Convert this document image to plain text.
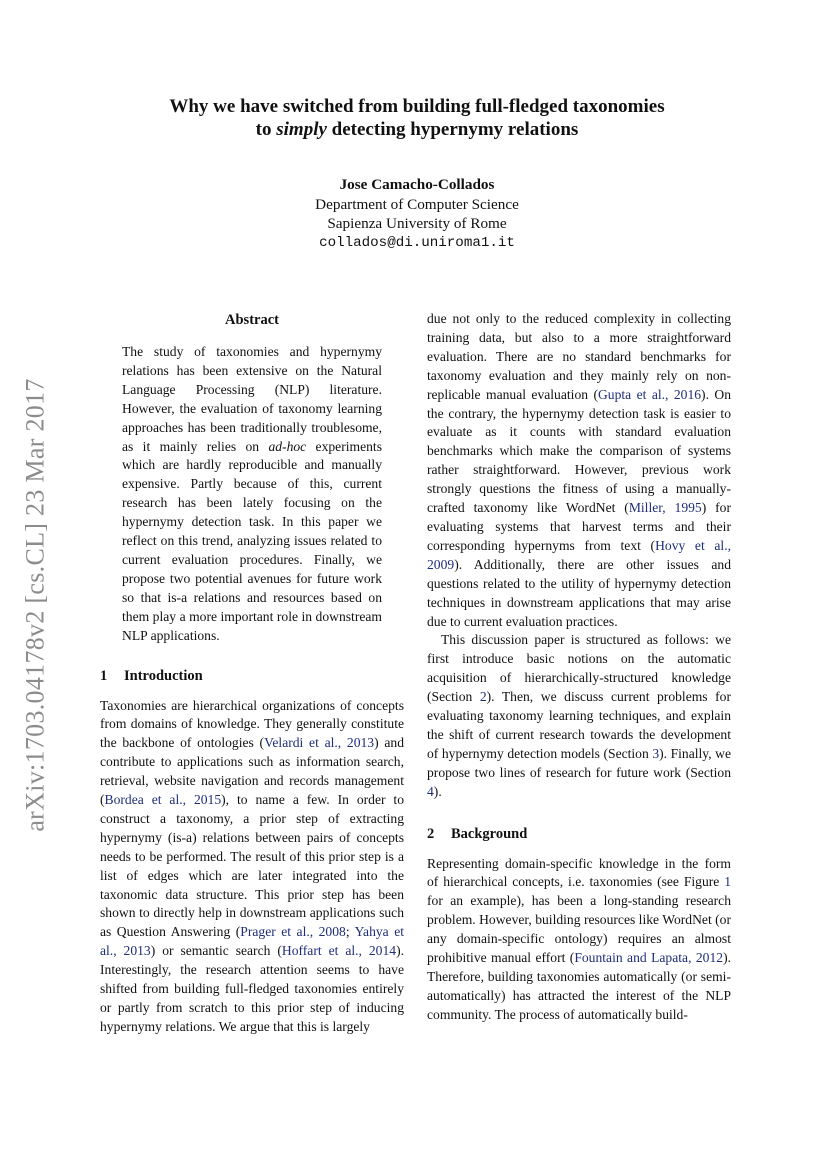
arXiv:1703.04178v2 [cs.CL] 23 Mar 2017
Why we have switched from building full-fledged taxonomies
to simply detecting hypernymy relations
Jose Camacho-Collados
Department of Computer Science
Sapienza University of Rome
collados@di.uniroma1.it
Abstract

The study of taxonomies and hypernymy relations has been extensive on the Natural Language Processing (NLP) literature. However, the evaluation of taxonomy learning approaches has been traditionally troublesome, as it mainly relies on ad-hoc experiments which are hardly reproducible and manually expensive. Partly because of this, current research has been lately focusing on the hypernymy detection task. In this paper we reflect on this trend, analyzing issues related to current evaluation procedures. Finally, we propose two potential avenues for future work so that is-a relations and resources based on them play a more important role in downstream NLP applications.

1 Introduction

Taxonomies are hierarchical organizations of concepts from domains of knowledge. They generally constitute the backbone of ontologies (Velardi et al., 2013) and contribute to applications such as information search, retrieval, website navigation and records management (Bordea et al., 2015), to name a few. In order to construct a taxonomy, a prior step of extracting hypernymy (is-a) relations between pairs of concepts needs to be performed. The result of this prior step is a list of edges which are later integrated into the taxonomic data structure. This prior step has been shown to directly help in downstream applications such as Question Answering (Prager et al., 2008; Yahya et al., 2013) or semantic search (Hoffart et al., 2014). Interestingly, the research attention seems to have shifted from building full-fledged taxonomies entirely or partly from scratch to this prior step of inducing hypernymy relations. We argue that this is largely

due not only to the reduced complexity in collecting training data, but also to a more straightforward evaluation. There are no standard benchmarks for taxonomy evaluation and they mainly rely on non-replicable manual evaluation (Gupta et al., 2016). On the contrary, the hypernymy detection task is easier to evaluate as it counts with standard evaluation benchmarks which make the comparison of systems rather straightforward. However, previous work strongly questions the fitness of using a manually-crafted taxonomy like WordNet (Miller, 1995) for evaluating systems that harvest terms and their corresponding hypernyms from text (Hovy et al., 2009). Additionally, there are other issues and questions related to the utility of hypernymy detection techniques in downstream applications that may arise due to current evaluation practices.

This discussion paper is structured as follows: we first introduce basic notions on the automatic acquisition of hierarchically-structured knowledge (Section 2). Then, we discuss current problems for evaluating taxonomy learning techniques, and explain the shift of current research towards the development of hypernymy detection models (Section 3). Finally, we propose two lines of research for future work (Section 4).

2 Background

Representing domain-specific knowledge in the form of hierarchical concepts, i.e. taxonomies (see Figure 1 for an example), has been a long-standing research problem. However, building resources like WordNet (or any domain-specific ontology) requires an almost prohibitive manual effort (Fountain and Lapata, 2012). Therefore, building taxonomies automatically (or semi-automatically) has attracted the interest of the NLP community. The process of automatically build-
